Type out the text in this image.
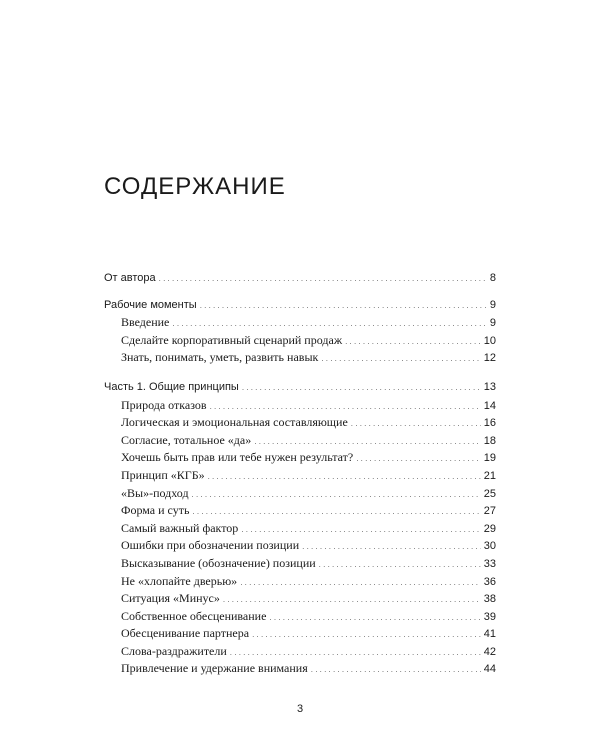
СОДЕРЖАНИЕ
От автора . . .	8
Рабочие моменты . . .	9
Введение . . .	9
Сделайте корпоративный сценарий продаж . . .	10
Знать, понимать, уметь, развить навык . . .	12
Часть 1. Общие принципы . . .	13
Природа отказов . . .	14
Логическая и эмоциональная составляющие . . .	16
Согласие, тотальное «да» . . .	18
Хочешь быть прав или тебе нужен результат? . . .	19
Принцип «КГБ» . . .	21
«Вы»-подход . . .	25
Форма и суть . . .	27
Самый важный фактор . . .	29
Ошибки при обозначении позиции . . .	30
Высказывание (обозначение) позиции . . .	33
Не «хлопайте дверью» . . .	36
Ситуация «Минус» . . .	38
Собственное обесценивание . . .	39
Обесценивание партнера . . .	41
Слова-раздражители . . .	42
Привлечение и удержание внимания . . .	44
3
